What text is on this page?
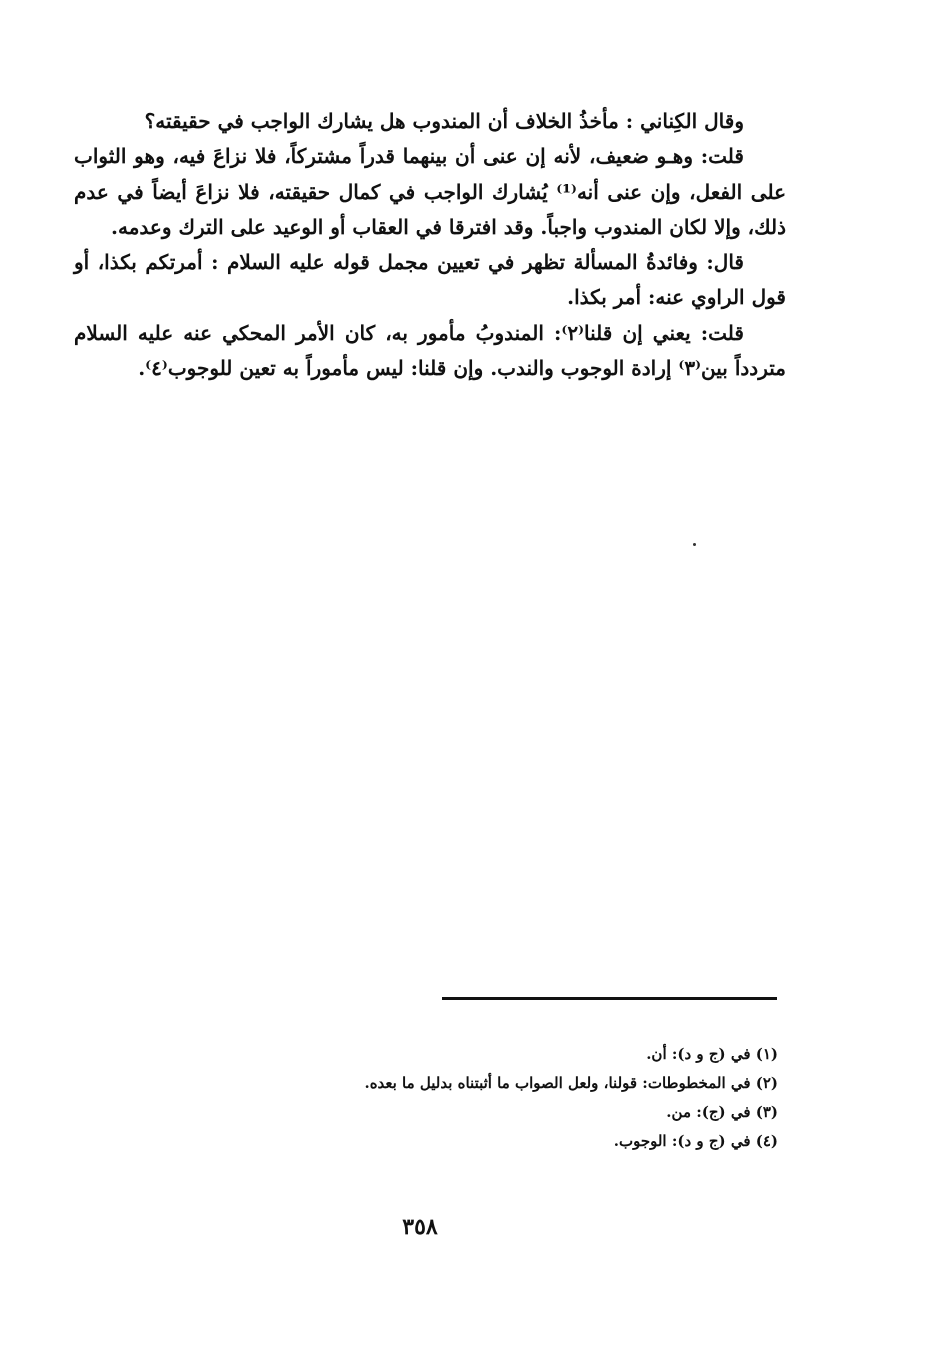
وقال الكِناني : مأخذُ الخلاف أن المندوب هل يشارك الواجب في حقيقته؟

قلت: وهـو ضعيف، لأنه إن عنى أن بينهما قدراً مشتركاً، فلا نزاعَ فيه، وهو الثواب على الفعل، وإن عنى أنه⁽¹⁾ يُشارك الواجب في كمال حقيقته، فلا نزاعَ أيضاً في عدم ذلك، وإلا لكان المندوب واجباً. وقد افترقا في العقاب أو الوعيد على الترك وعدمه.

قال: وفائدةُ المسألة تظهر في تعيين مجمل قوله عليه السلام : أمرتكم بكذا، أو قول الراوي عنه: أمر بكذا.

قلت: يعني إن قلنا⁽٢⁾: المندوبُ مأمور به، كان الأمر المحكي عنه عليه السلام متردداً بين⁽٣⁾ إرادة الوجوب والندب. وإن قلنا: ليس مأموراً به تعين للوجوب⁽٤⁾.

(١) في (ج و د): أن.

(٢) في المخطوطات: قولنا، ولعل الصواب ما أثبتناه بدليل ما بعده.

(٣) في (ج): من.

(٤) في (ج و د): الوجوب.

٣٥٨
